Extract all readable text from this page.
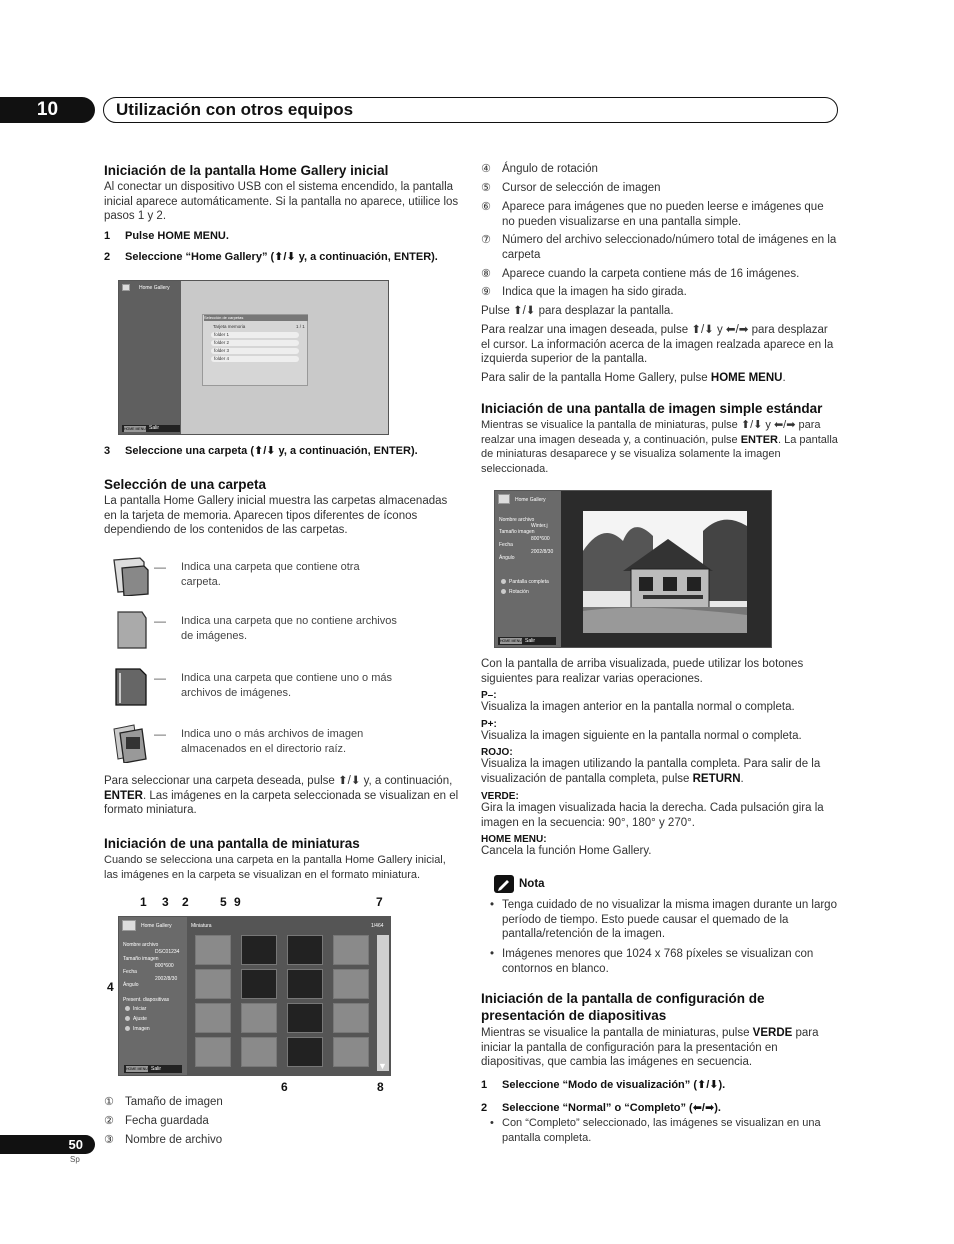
10	Utilización con otros equipos
Iniciación de la pantalla Home Gallery inicial
Al conectar un dispositivo USB con el sistema encendido, la pantalla inicial aparece automáticamente. Si la pantalla no aparece, utiilice los pasos 1 y 2.
1 Pulse HOME MENU.
2 Seleccione “Home Gallery” (⬆/⬇ y, a continuación, ENTER).
Home Gallery
Selección de carpetas
Tarjeta memoria	1 / 1
folder 1
folder 2
folder 3
folder 4
HOME MENU Salir
3 Seleccione una carpeta (⬆/⬇ y, a continuación, ENTER).
Selección de una carpeta
La pantalla Home Gallery inicial muestra las carpetas almacenadas en la tarjeta de memoria. Aparecen tipos diferentes de íconos dependiendo de los contenidos de las carpetas.
— Indica una carpeta que contiene otra carpeta.
— Indica una carpeta que no contiene archivos de imágenes.
— Indica una carpeta que contiene uno o más archivos de imágenes.
— Indica uno o más archivos de imagen almacenados en el directorio raíz.
Para seleccionar una carpeta deseada, pulse ⬆/⬇ y, a continuación, ENTER. Las imágenes en la carpeta seleccionada se visualizan en el formato miniatura.
Iniciación de una pantalla de miniaturas
Cuando se selecciona una carpeta en la pantalla Home Gallery inicial, las imágenes en la carpeta se visualizan en el formato miniatura.
1 3 2	5 9	7
4
6	8
Home Gallery	Miniatura	1/464
Nombre archivo
DSC01234
Tamaño imagen
800*600
Fecha
2002/8/30
Ángulo
Present. diapositivas
Iniciar
Ajuste
Imagen
HOME MENU Salir	▼
① Tamaño de imagen
② Fecha guardada
③ Nombre de archivo
50
Sp
④ Ángulo de rotación
⑤ Cursor de selección de imagen
⑥ Aparece para imágenes que no pueden leerse e imágenes que no pueden visualizarse en una pantalla simple.
⑦ Número del archivo seleccionado/número total de imágenes en la carpeta
⑧ Aparece cuando la carpeta contiene más de 16 imágenes.
⑨ Indica que la imagen ha sido girada.
Pulse ⬆/⬇ para desplazar la pantalla.
Para realzar una imagen deseada, pulse ⬆/⬇ y ⬅/➡ para desplazar el cursor. La información acerca de la imagen realzada aparece en la izquierda superior de la pantalla.
Para salir de la pantalla Home Gallery, pulse HOME MENU.
Iniciación de una pantalla de imagen simple estándar
Mientras se visualice la pantalla de miniaturas, pulse ⬆/⬇ y ⬅/➡ para realzar una imagen deseada y, a continuación, pulse ENTER. La pantalla de miniaturas desaparece y se visualiza solamente la imagen seleccionada.
Home Gallery
Nombre archivo
Winter.j
Tamaño imagen
800*600
Fecha
2002/8/30
Ángulo
Pantalla completa
Rotación
HOME MENU Salir
Con la pantalla de arriba visualizada, puede utilizar los botones siguientes para realizar varias operaciones.
P–:
Visualiza la imagen anterior en la pantalla normal o completa.
P+:
Visualiza la imagen siguiente en la pantalla normal o completa.
ROJO:
Visualiza la imagen utilizando la pantalla completa. Para salir de la visualización de pantalla completa, pulse RETURN.
VERDE:
Gira la imagen visualizada hacia la derecha. Cada pulsación gira la imagen en la secuencia: 90°, 180° y 270°.
HOME MENU:
Cancela la función Home Gallery.
Nota
• Tenga cuidado de no visualizar la misma imagen durante un largo período de tiempo. Esto puede causar el quemado de la pantalla/retención de la imagen.
• Imágenes menores que 1024 x 768 píxeles se visualizan con contornos en blanco.
Iniciación de la pantalla de configuración de presentación de diapositivas
Mientras se visualice la pantalla de miniaturas, pulse VERDE para iniciar la pantalla de configuración para la presentación en diapositivas, que cambia las imágenes en secuencia.
1 Seleccione “Modo de visualización” (⬆/⬇).
2 Seleccione “Normal” o “Completo” (⬅/➡).
• Con “Completo” seleccionado, las imágenes se visualizan en una pantalla completa.
